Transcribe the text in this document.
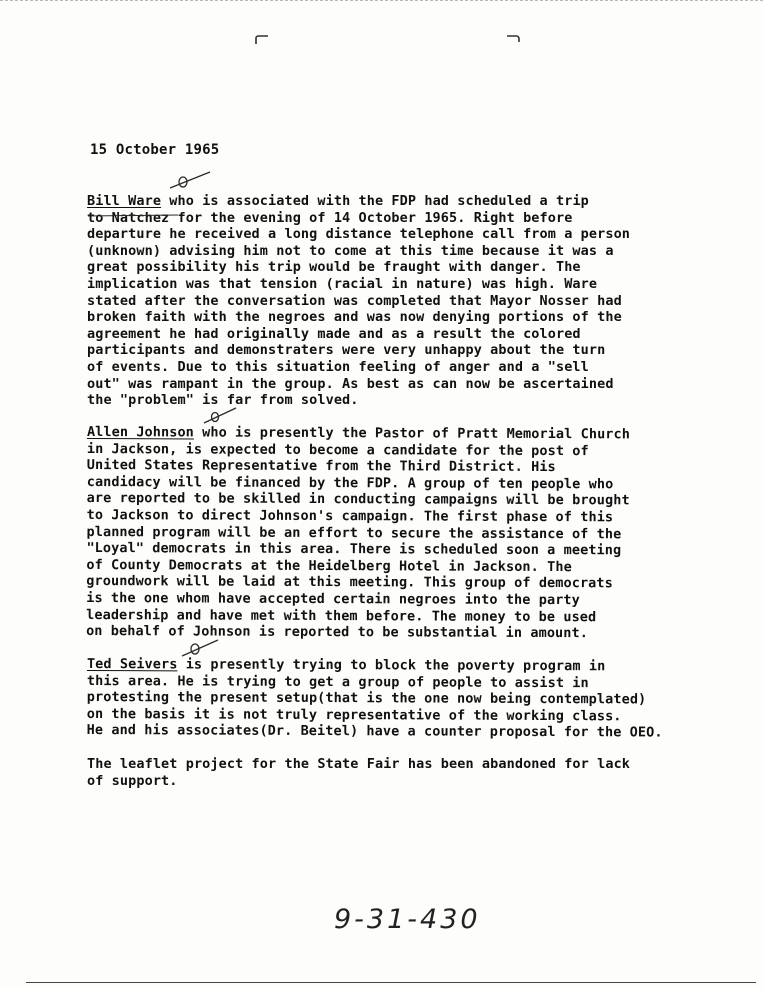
15 October 1965
Bill Ware who is associated with the FDP had scheduled a trip
to Natchez for the evening of 14 October 1965. Right before
departure he received a long distance telephone call from a person
(unknown) advising him not to come at this time because it was a
great possibility his trip would be fraught with danger. The
implication was that tension (racial in nature) was high. Ware
stated after the conversation was completed that Mayor Nosser had
broken faith with the negroes and was now denying portions of the
agreement he had originally made and as a result the colored
participants and demonstraters were very unhappy about the turn
of events. Due to this situation feeling of anger and a "sell
out" was rampant in the group. As best as can now be ascertained
the "problem" is far from solved.
Allen Johnson who is presently the Pastor of Pratt Memorial Church
in Jackson, is expected to become a candidate for the post of
United States Representative from the Third District. His
candidacy will be financed by the FDP. A group of ten people who
are reported to be skilled in conducting campaigns will be brought
to Jackson to direct Johnson's campaign. The first phase of this
planned program will be an effort to secure the assistance of the
"Loyal" democrats in this area. There is scheduled soon a meeting
of County Democrats at the Heidelberg Hotel in Jackson. The
groundwork will be laid at this meeting. This group of democrats
is the one whom have accepted certain negroes into the party
leadership and have met with them before. The money to be used
on behalf of Johnson is reported to be substantial in amount.
Ted Seivers is presently trying to block the poverty program in
this area. He is trying to get a group of people to assist in
protesting the present setup(that is the one now being contemplated)
on the basis it is not truly representative of the working class.
He and his associates(Dr. Beitel) have a counter proposal for the OEO.
The leaflet project for the State Fair has been abandoned for lack
of support.
9-31-430
